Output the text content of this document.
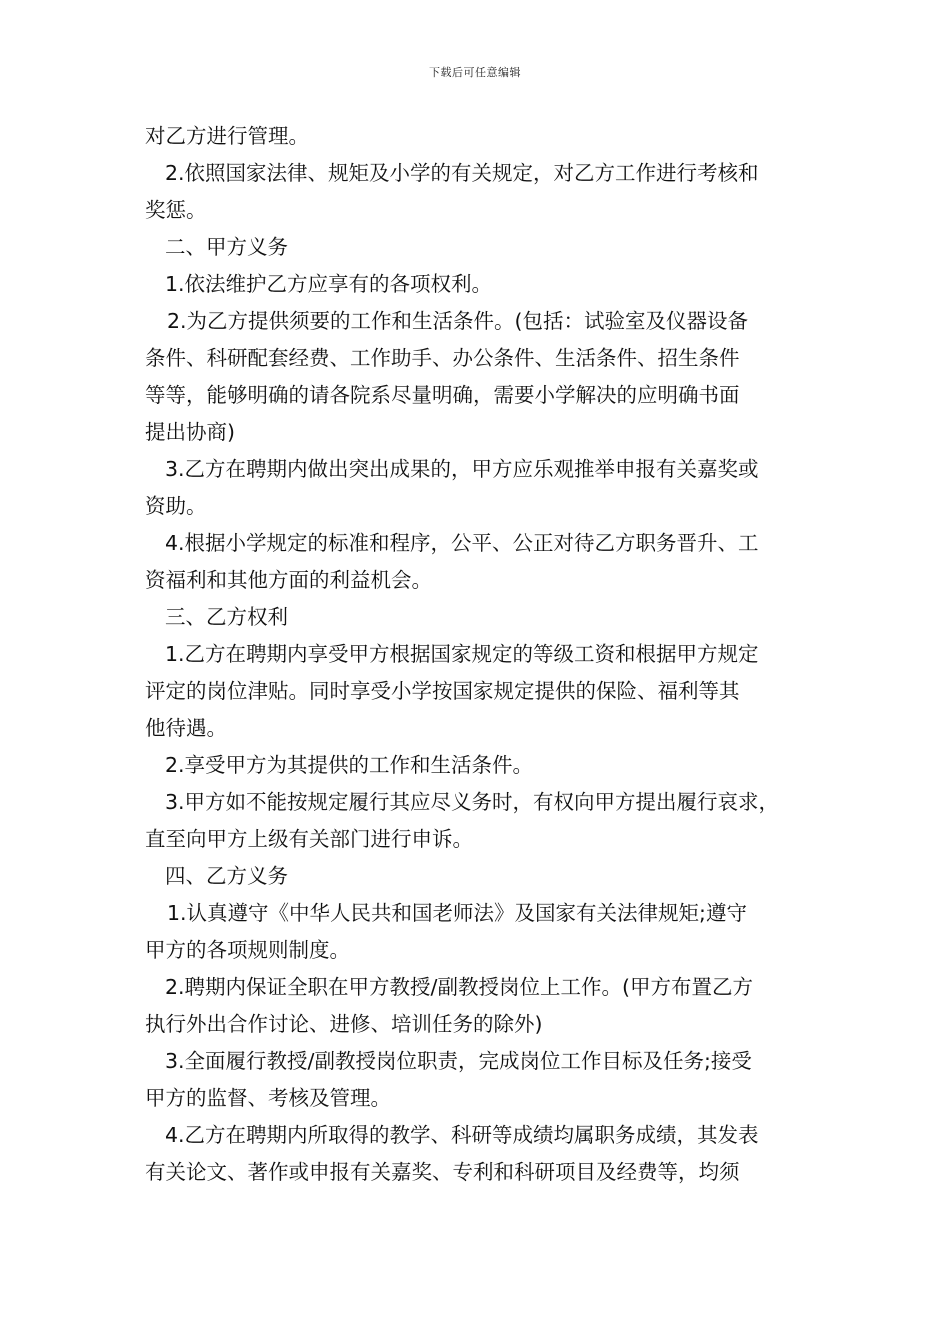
下载后可任意编辑
对乙方进行管理。
2.依照国家法律、规矩及小学的有关规定，对乙方工作进行考核和
奖惩。
二、甲方义务
1.依法维护乙方应享有的各项权利。
2.为乙方提供须要的工作和生活条件。(包括：试验室及仪器设备
条件、科研配套经费、工作助手、办公条件、生活条件、招生条件
等等，能够明确的请各院系尽量明确，需要小学解决的应明确书面
提出协商)
3.乙方在聘期内做出突出成果的，甲方应乐观推举申报有关嘉奖或
资助。
4.根据小学规定的标准和程序，公平、公正对待乙方职务晋升、工
资福利和其他方面的利益机会。
三、乙方权利
1.乙方在聘期内享受甲方根据国家规定的等级工资和根据甲方规定
评定的岗位津贴。同时享受小学按国家规定提供的保险、福利等其
他待遇。
2.享受甲方为其提供的工作和生活条件。
3.甲方如不能按规定履行其应尽义务时，有权向甲方提出履行哀求，
直至向甲方上级有关部门进行申诉。
四、乙方义务
1.认真遵守《中华人民共和国老师法》及国家有关法律规矩;遵守
甲方的各项规则制度。
2.聘期内保证全职在甲方教授/副教授岗位上工作。(甲方布置乙方
执行外出合作讨论、进修、培训任务的除外)
3.全面履行教授/副教授岗位职责，完成岗位工作目标及任务;接受
甲方的监督、考核及管理。
4.乙方在聘期内所取得的教学、科研等成绩均属职务成绩，其发表
有关论文、著作或申报有关嘉奖、专利和科研项目及经费等，均须
